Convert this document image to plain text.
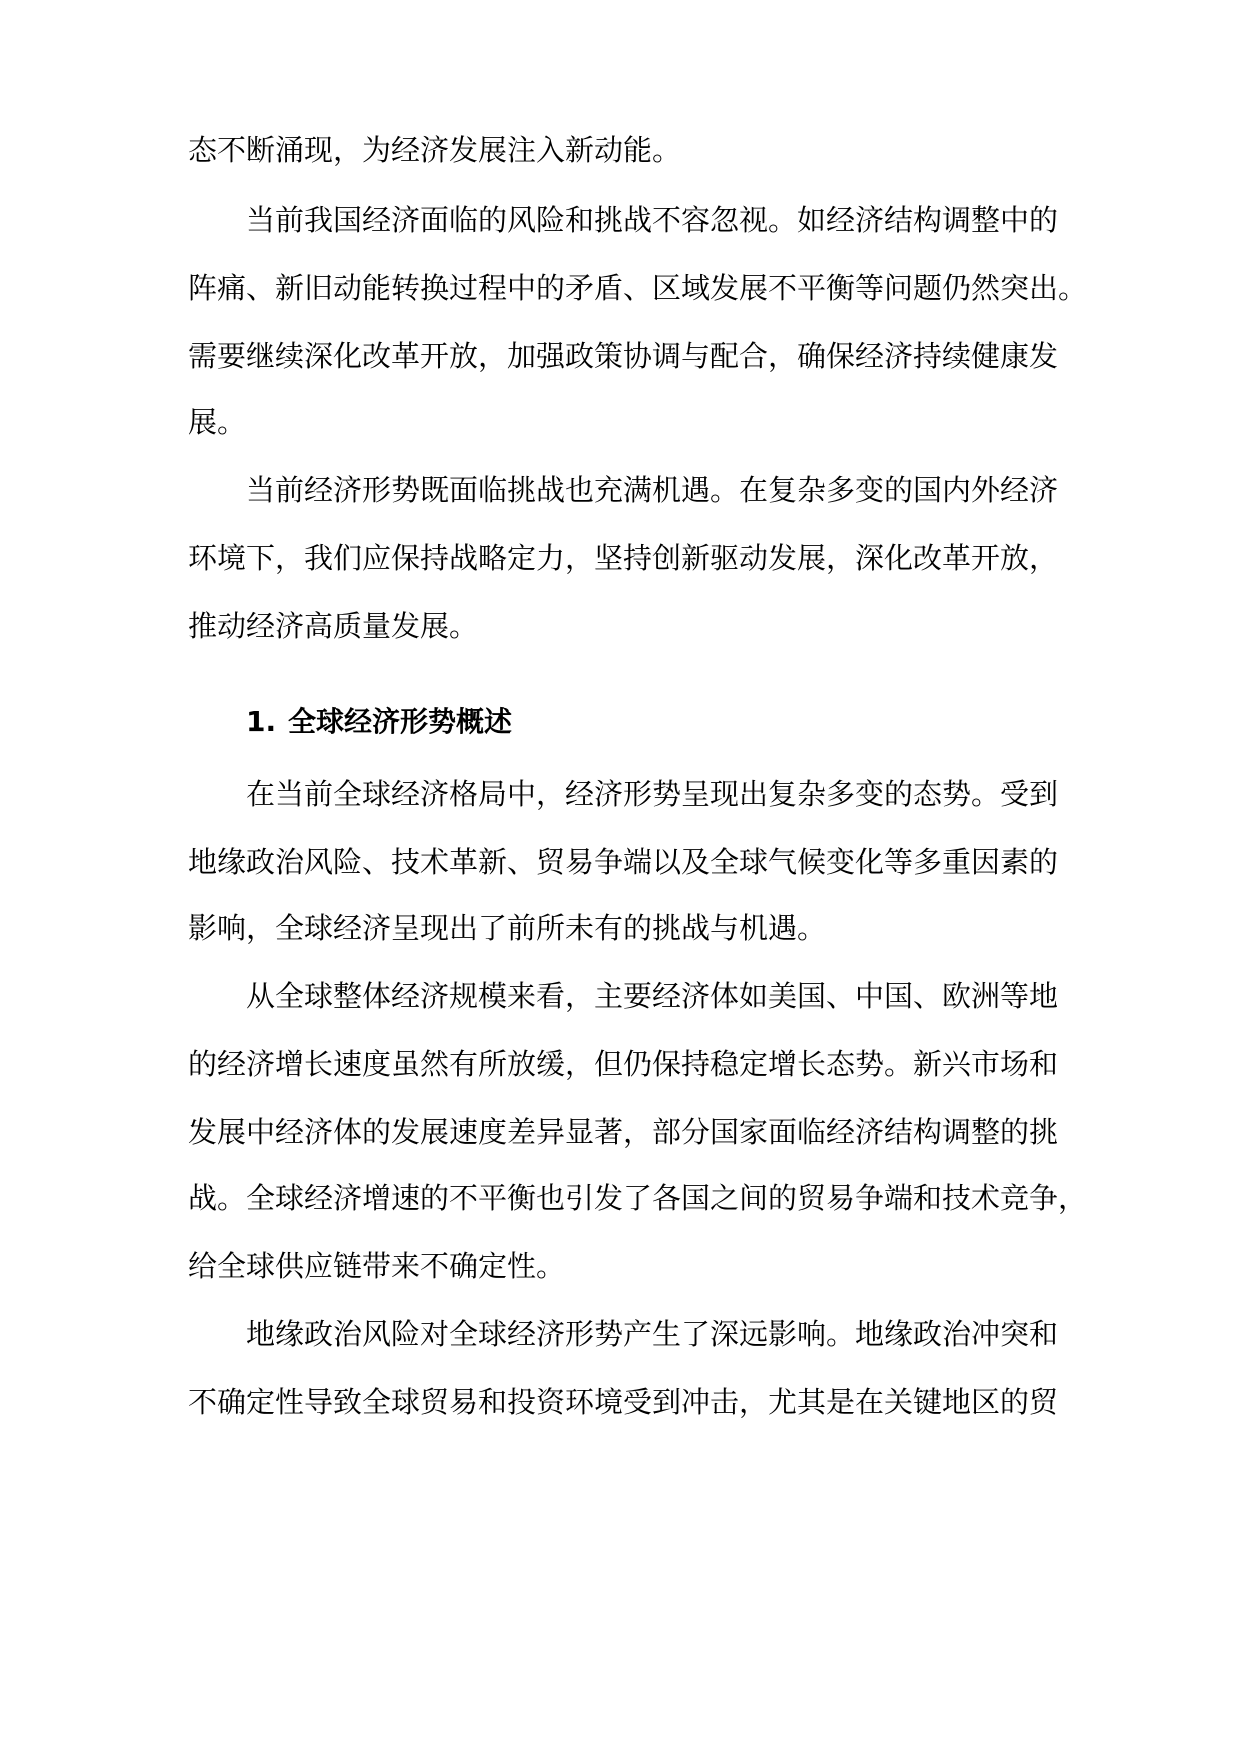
态不断涌现，为经济发展注入新动能。
当前我国经济面临的风险和挑战不容忽视。如经济结构调整中的
阵痛、新旧动能转换过程中的矛盾、区域发展不平衡等问题仍然突出。
需要继续深化改革开放，加强政策协调与配合，确保经济持续健康发
展。
当前经济形势既面临挑战也充满机遇。在复杂多变的国内外经济
环境下，我们应保持战略定力，坚持创新驱动发展，深化改革开放，
推动经济高质量发展。
1. 全球经济形势概述
在当前全球经济格局中，经济形势呈现出复杂多变的态势。受到
地缘政治风险、技术革新、贸易争端以及全球气候变化等多重因素的
影响，全球经济呈现出了前所未有的挑战与机遇。
从全球整体经济规模来看，主要经济体如美国、中国、欧洲等地
的经济增长速度虽然有所放缓，但仍保持稳定增长态势。新兴市场和
发展中经济体的发展速度差异显著，部分国家面临经济结构调整的挑
战。全球经济增速的不平衡也引发了各国之间的贸易争端和技术竞争，
给全球供应链带来不确定性。
地缘政治风险对全球经济形势产生了深远影响。地缘政治冲突和
不确定性导致全球贸易和投资环境受到冲击，尤其是在关键地区的贸
